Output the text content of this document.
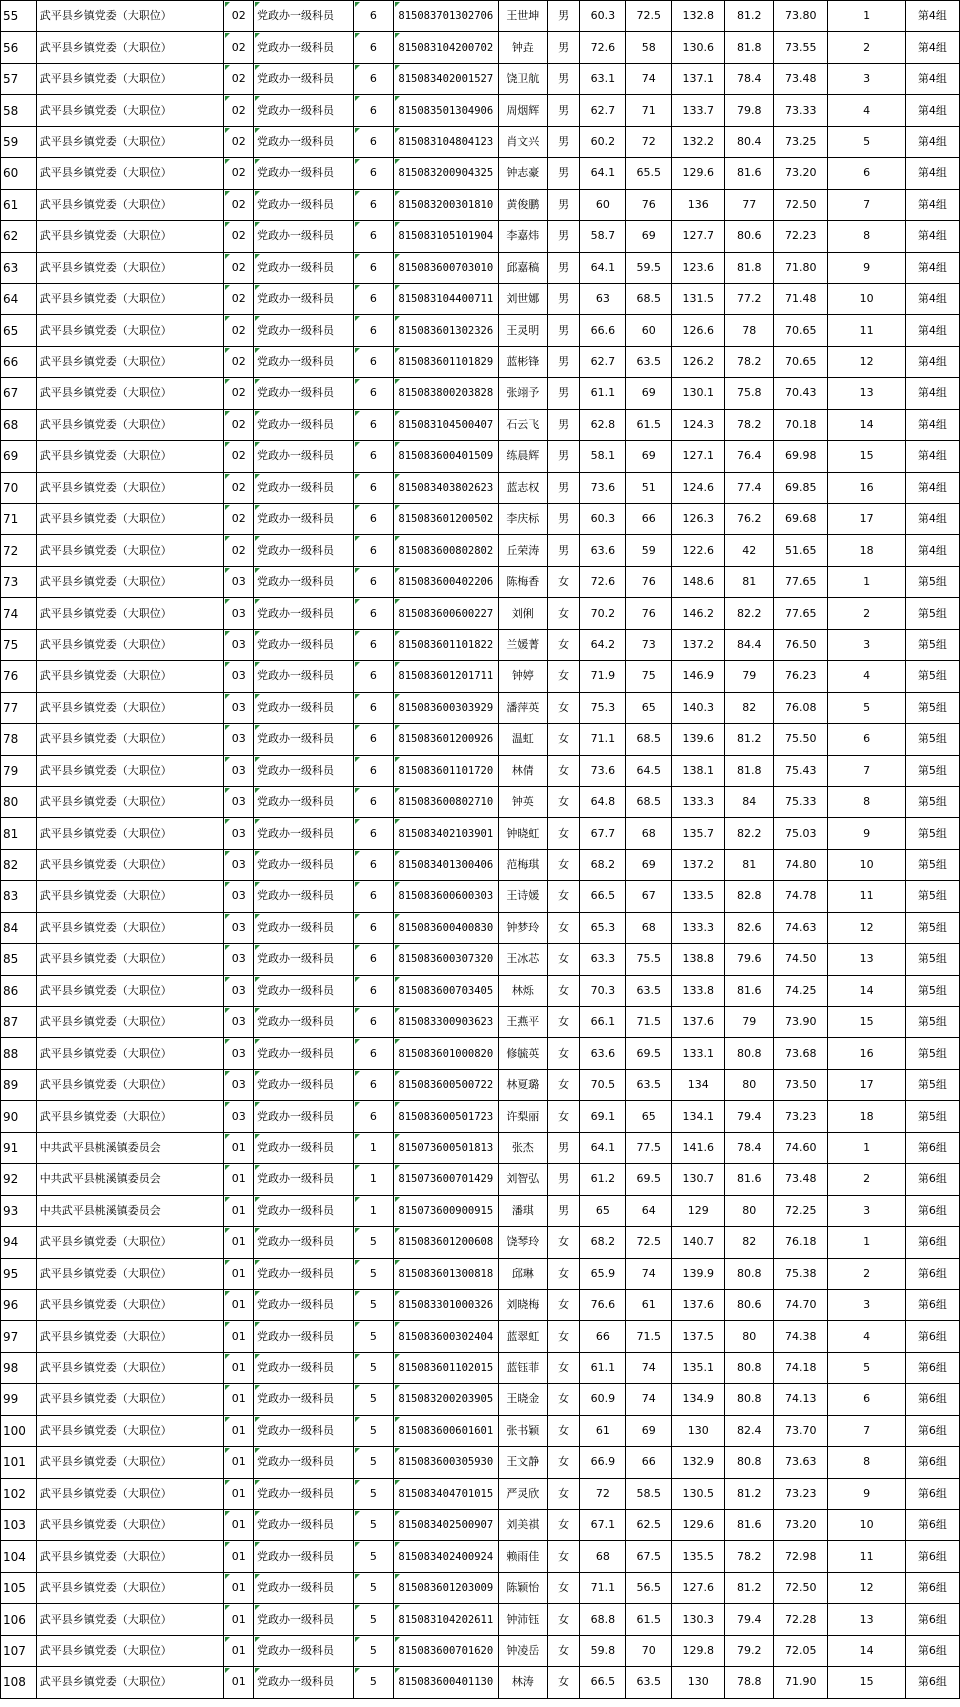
55	武平县乡镇党委（大职位）	02	党政办一级科员	6	815083701302706	王世坤	男	60.3	72.5	132.8	81.2	73.80	1	第4组
56	武平县乡镇党委（大职位）	02	党政办一级科员	6	815083104200702	钟垚	男	72.6	58	130.6	81.8	73.55	2	第4组
57	武平县乡镇党委（大职位）	02	党政办一级科员	6	815083402001527	饶卫航	男	63.1	74	137.1	78.4	73.48	3	第4组
58	武平县乡镇党委（大职位）	02	党政办一级科员	6	815083501304906	周烟辉	男	62.7	71	133.7	79.8	73.33	4	第4组
59	武平县乡镇党委（大职位）	02	党政办一级科员	6	815083104804123	肖文兴	男	60.2	72	132.2	80.4	73.25	5	第4组
60	武平县乡镇党委（大职位）	02	党政办一级科员	6	815083200904325	钟志豪	男	64.1	65.5	129.6	81.6	73.20	6	第4组
61	武平县乡镇党委（大职位）	02	党政办一级科员	6	815083200301810	黄俊鹏	男	60	76	136	77	72.50	7	第4组
62	武平县乡镇党委（大职位）	02	党政办一级科员	6	815083105101904	李嘉炜	男	58.7	69	127.7	80.6	72.23	8	第4组
63	武平县乡镇党委（大职位）	02	党政办一级科员	6	815083600703010	邱嘉稿	男	64.1	59.5	123.6	81.8	71.80	9	第4组
64	武平县乡镇党委（大职位）	02	党政办一级科员	6	815083104400711	刘世娜	男	63	68.5	131.5	77.2	71.48	10	第4组
65	武平县乡镇党委（大职位）	02	党政办一级科员	6	815083601302326	王灵明	男	66.6	60	126.6	78	70.65	11	第4组
66	武平县乡镇党委（大职位）	02	党政办一级科员	6	815083601101829	蓝彬锋	男	62.7	63.5	126.2	78.2	70.65	12	第4组
67	武平县乡镇党委（大职位）	02	党政办一级科员	6	815083800203828	张翊予	男	61.1	69	130.1	75.8	70.43	13	第4组
68	武平县乡镇党委（大职位）	02	党政办一级科员	6	815083104500407	石云飞	男	62.8	61.5	124.3	78.2	70.18	14	第4组
69	武平县乡镇党委（大职位）	02	党政办一级科员	6	815083600401509	练晨辉	男	58.1	69	127.1	76.4	69.98	15	第4组
70	武平县乡镇党委（大职位）	02	党政办一级科员	6	815083403802623	蓝志权	男	73.6	51	124.6	77.4	69.85	16	第4组
71	武平县乡镇党委（大职位）	02	党政办一级科员	6	815083601200502	李庆标	男	60.3	66	126.3	76.2	69.68	17	第4组
72	武平县乡镇党委（大职位）	02	党政办一级科员	6	815083600802802	丘荣涛	男	63.6	59	122.6	42	51.65	18	第4组
73	武平县乡镇党委（大职位）	03	党政办一级科员	6	815083600402206	陈梅香	女	72.6	76	148.6	81	77.65	1	第5组
74	武平县乡镇党委（大职位）	03	党政办一级科员	6	815083600600227	刘俐	女	70.2	76	146.2	82.2	77.65	2	第5组
75	武平县乡镇党委（大职位）	03	党政办一级科员	6	815083601101822	兰媛菁	女	64.2	73	137.2	84.4	76.50	3	第5组
76	武平县乡镇党委（大职位）	03	党政办一级科员	6	815083601201711	钟婷	女	71.9	75	146.9	79	76.23	4	第5组
77	武平县乡镇党委（大职位）	03	党政办一级科员	6	815083600303929	潘萍英	女	75.3	65	140.3	82	76.08	5	第5组
78	武平县乡镇党委（大职位）	03	党政办一级科员	6	815083601200926	温虹	女	71.1	68.5	139.6	81.2	75.50	6	第5组
79	武平县乡镇党委（大职位）	03	党政办一级科员	6	815083601101720	林倩	女	73.6	64.5	138.1	81.8	75.43	7	第5组
80	武平县乡镇党委（大职位）	03	党政办一级科员	6	815083600802710	钟英	女	64.8	68.5	133.3	84	75.33	8	第5组
81	武平县乡镇党委（大职位）	03	党政办一级科员	6	815083402103901	钟晓虹	女	67.7	68	135.7	82.2	75.03	9	第5组
82	武平县乡镇党委（大职位）	03	党政办一级科员	6	815083401300406	范梅琪	女	68.2	69	137.2	81	74.80	10	第5组
83	武平县乡镇党委（大职位）	03	党政办一级科员	6	815083600600303	王诗媛	女	66.5	67	133.5	82.8	74.78	11	第5组
84	武平县乡镇党委（大职位）	03	党政办一级科员	6	815083600400830	钟梦玲	女	65.3	68	133.3	82.6	74.63	12	第5组
85	武平县乡镇党委（大职位）	03	党政办一级科员	6	815083600307320	王冰芯	女	63.3	75.5	138.8	79.6	74.50	13	第5组
86	武平县乡镇党委（大职位）	03	党政办一级科员	6	815083600703405	林烁	女	70.3	63.5	133.8	81.6	74.25	14	第5组
87	武平县乡镇党委（大职位）	03	党政办一级科员	6	815083300903623	王燕平	女	66.1	71.5	137.6	79	73.90	15	第5组
88	武平县乡镇党委（大职位）	03	党政办一级科员	6	815083601000820	修毓英	女	63.6	69.5	133.1	80.8	73.68	16	第5组
89	武平县乡镇党委（大职位）	03	党政办一级科员	6	815083600500722	林夏璐	女	70.5	63.5	134	80	73.50	17	第5组
90	武平县乡镇党委（大职位）	03	党政办一级科员	6	815083600501723	许梨丽	女	69.1	65	134.1	79.4	73.23	18	第5组
91	中共武平县桃溪镇委员会	01	党政办一级科员	1	815073600501813	张杰	男	64.1	77.5	141.6	78.4	74.60	1	第6组
92	中共武平县桃溪镇委员会	01	党政办一级科员	1	815073600701429	刘智弘	男	61.2	69.5	130.7	81.6	73.48	2	第6组
93	中共武平县桃溪镇委员会	01	党政办一级科员	1	815073600900915	潘琪	男	65	64	129	80	72.25	3	第6组
94	武平县乡镇党委（大职位）	01	党政办一级科员	5	815083601200608	饶琴玲	女	68.2	72.5	140.7	82	76.18	1	第6组
95	武平县乡镇党委（大职位）	01	党政办一级科员	5	815083601300818	邱琳	女	65.9	74	139.9	80.8	75.38	2	第6组
96	武平县乡镇党委（大职位）	01	党政办一级科员	5	815083301000326	刘晓梅	女	76.6	61	137.6	80.6	74.70	3	第6组
97	武平县乡镇党委（大职位）	01	党政办一级科员	5	815083600302404	蓝翠虹	女	66	71.5	137.5	80	74.38	4	第6组
98	武平县乡镇党委（大职位）	01	党政办一级科员	5	815083601102015	蓝钰菲	女	61.1	74	135.1	80.8	74.18	5	第6组
99	武平县乡镇党委（大职位）	01	党政办一级科员	5	815083200203905	王晓金	女	60.9	74	134.9	80.8	74.13	6	第6组
100	武平县乡镇党委（大职位）	01	党政办一级科员	5	815083600601601	张书颖	女	61	69	130	82.4	73.70	7	第6组
101	武平县乡镇党委（大职位）	01	党政办一级科员	5	815083600305930	王文静	女	66.9	66	132.9	80.8	73.63	8	第6组
102	武平县乡镇党委（大职位）	01	党政办一级科员	5	815083404701015	严灵欣	女	72	58.5	130.5	81.2	73.23	9	第6组
103	武平县乡镇党委（大职位）	01	党政办一级科员	5	815083402500907	刘美祺	女	67.1	62.5	129.6	81.6	73.20	10	第6组
104	武平县乡镇党委（大职位）	01	党政办一级科员	5	815083402400924	赖雨佳	女	68	67.5	135.5	78.2	72.98	11	第6组
105	武平县乡镇党委（大职位）	01	党政办一级科员	5	815083601203009	陈颖怡	女	71.1	56.5	127.6	81.2	72.50	12	第6组
106	武平县乡镇党委（大职位）	01	党政办一级科员	5	815083104202611	钟沛钰	女	68.8	61.5	130.3	79.4	72.28	13	第6组
107	武平县乡镇党委（大职位）	01	党政办一级科员	5	815083600701620	钟凌岳	女	59.8	70	129.8	79.2	72.05	14	第6组
108	武平县乡镇党委（大职位）	01	党政办一级科员	5	815083600401130	林涛	女	66.5	63.5	130	78.8	71.90	15	第6组
